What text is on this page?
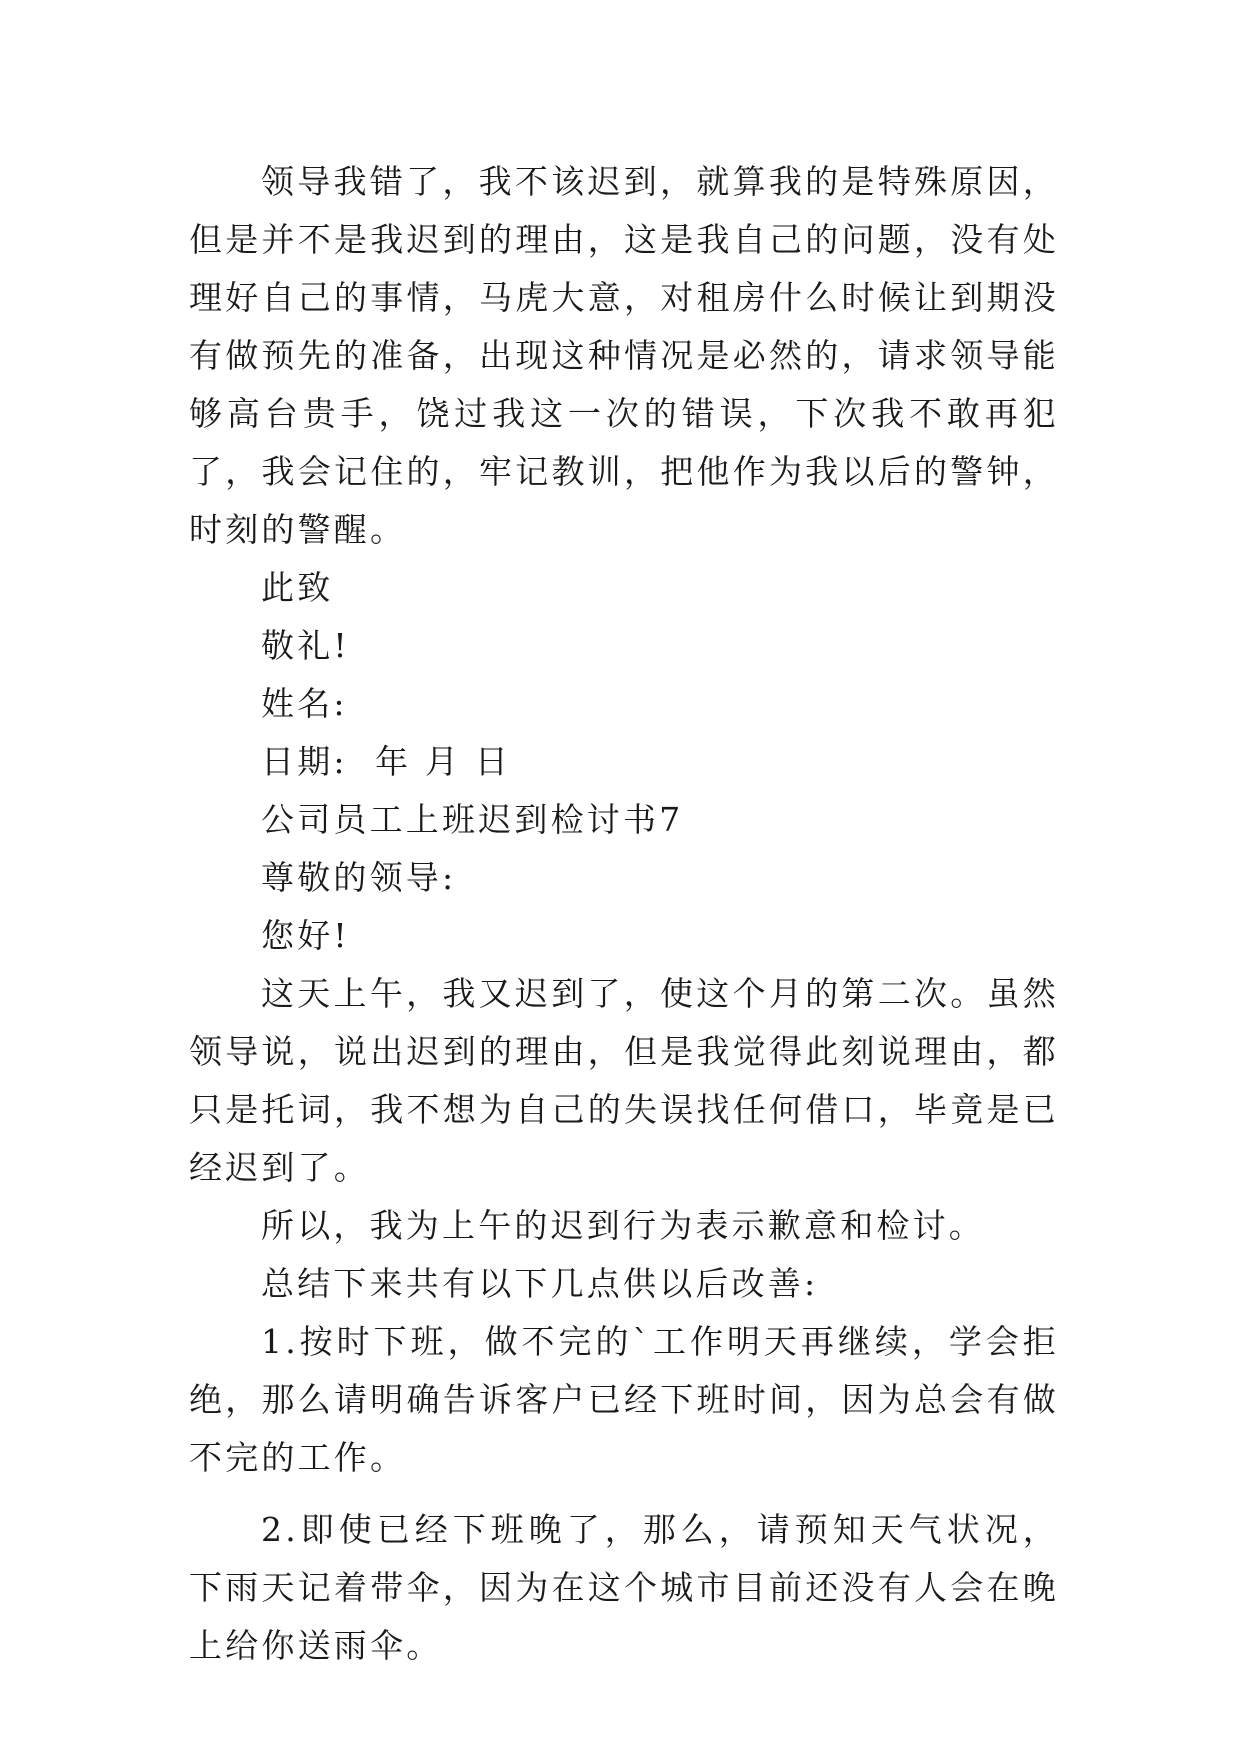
领导我错了，我不该迟到，就算我的是特殊原因，但是并不是我迟到的理由，这是我自己的问题，没有处理好自己的事情，马虎大意，对租房什么时候让到期没有做预先的准备，出现这种情况是必然的，请求领导能够高台贵手，饶过我这一次的错误，下次我不敢再犯了，我会记住的，牢记教训，把他作为我以后的警钟，时刻的警醒。

此致

敬礼!

姓名:

日期:  年 月 日

公司员工上班迟到检讨书7

尊敬的领导:

您好!

这天上午，我又迟到了，使这个月的第二次。虽然领导说，说出迟到的理由，但是我觉得此刻说理由，都只是托词，我不想为自己的失误找任何借口，毕竟是已经迟到了。

所以，我为上午的迟到行为表示歉意和检讨。

总结下来共有以下几点供以后改善:

1.按时下班，做不完的`工作明天再继续，学会拒绝，那么请明确告诉客户已经下班时间，因为总会有做不完的工作。

2.即使已经下班晚了，那么，请预知天气状况，下雨天记着带伞，因为在这个城市目前还没有人会在晚上给你送雨伞。
